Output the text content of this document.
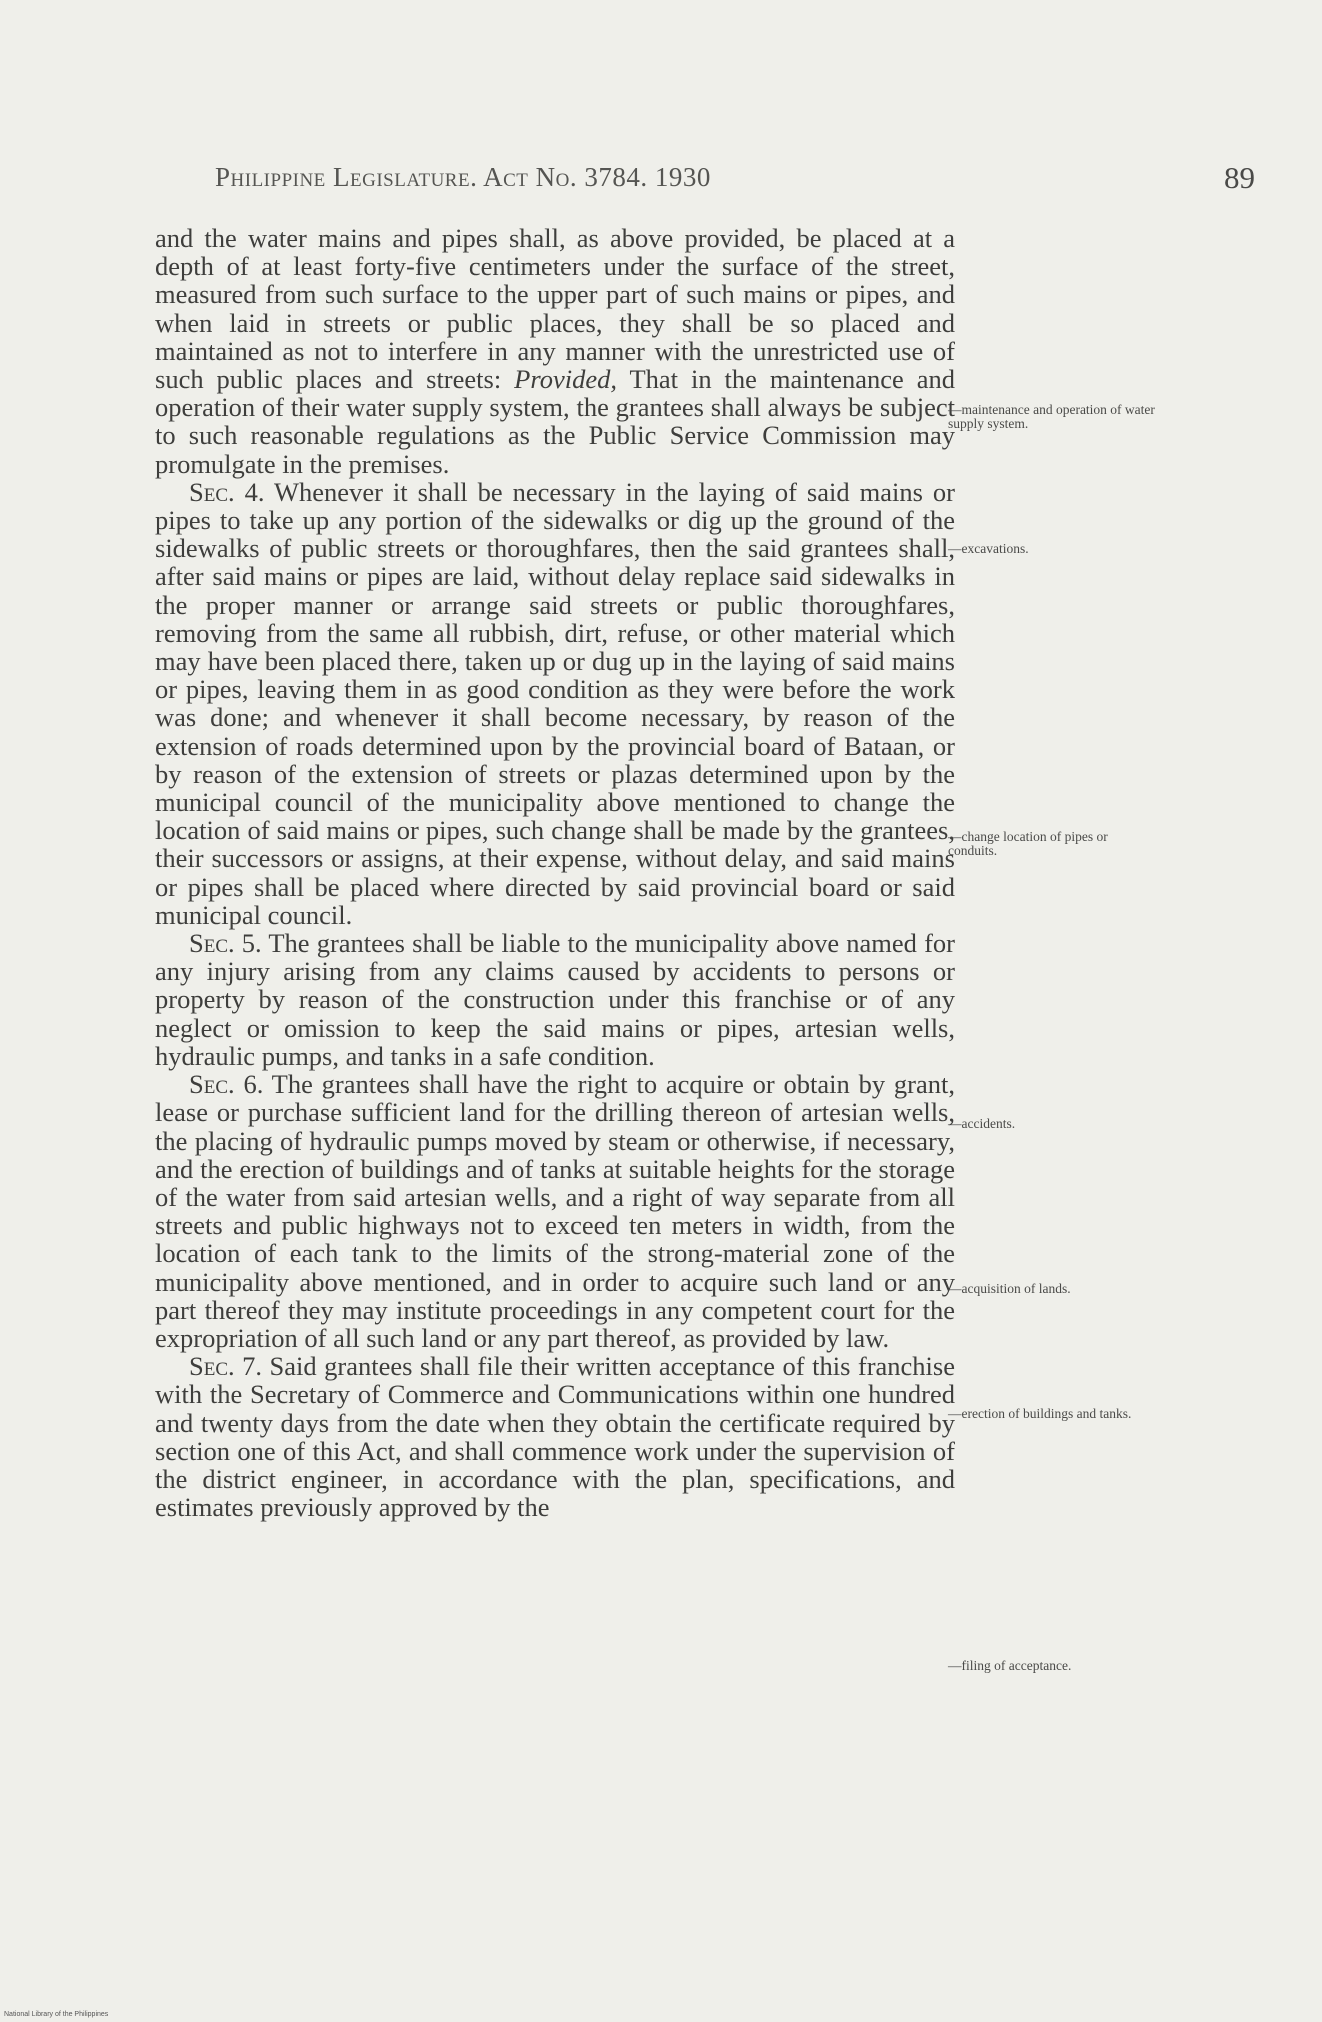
Philippine Legislature. Act No. 3784. 1930	89

and the water mains and pipes shall, as above provided, be placed at a depth of at least forty-five centimeters under the surface of the street, measured from such surface to the upper part of such mains or pipes, and when laid in streets or public places, they shall be so placed and maintained as not to interfere in any manner with the unrestricted use of such public places and streets: Provided, That in the maintenance and operation of their water supply system, the grantees shall always be subject to such reasonable regulations as the Public Service Commission may promulgate in the premises.

Sec. 4. Whenever it shall be necessary in the laying of said mains or pipes to take up any portion of the sidewalks or dig up the ground of the sidewalks of public streets or thoroughfares, then the said grantees shall, after said mains or pipes are laid, without delay replace said sidewalks in the proper manner or arrange said streets or public thoroughfares, removing from the same all rubbish, dirt, refuse, or other material which may have been placed there, taken up or dug up in the laying of said mains or pipes, leaving them in as good condition as they were before the work was done; and whenever it shall become necessary, by reason of the extension of roads determined upon by the provincial board of Bataan, or by reason of the extension of streets or plazas determined upon by the municipal council of the municipality above mentioned to change the location of said mains or pipes, such change shall be made by the grantees, their successors or assigns, at their expense, without delay, and said mains or pipes shall be placed where directed by said provincial board or said municipal council.

Sec. 5. The grantees shall be liable to the municipality above named for any injury arising from any claims caused by accidents to persons or property by reason of the construction under this franchise or of any neglect or omission to keep the said mains or pipes, artesian wells, hydraulic pumps, and tanks in a safe condition.

Sec. 6. The grantees shall have the right to acquire or obtain by grant, lease or purchase sufficient land for the drilling thereon of artesian wells, the placing of hydraulic pumps moved by steam or otherwise, if necessary, and the erection of buildings and of tanks at suitable heights for the storage of the water from said artesian wells, and a right of way separate from all streets and public highways not to exceed ten meters in width, from the location of each tank to the limits of the strong-material zone of the municipality above mentioned, and in order to acquire such land or any part thereof they may institute proceedings in any competent court for the expropriation of all such land or any part thereof, as provided by law.

Sec. 7. Said grantees shall file their written acceptance of this franchise with the Secretary of Commerce and Communications within one hundred and twenty days from the date when they obtain the certificate required by section one of this Act, and shall commence work under the supervision of the district engineer, in accordance with the plan, specifications, and estimates previously approved by the

—maintenance and operation of water supply system.
—excavations.
—change location of pipes or conduits.
—accidents.
—acquisition of lands.
—erection of buildings and tanks.
—filing of acceptance.
National Library of the Philippines
